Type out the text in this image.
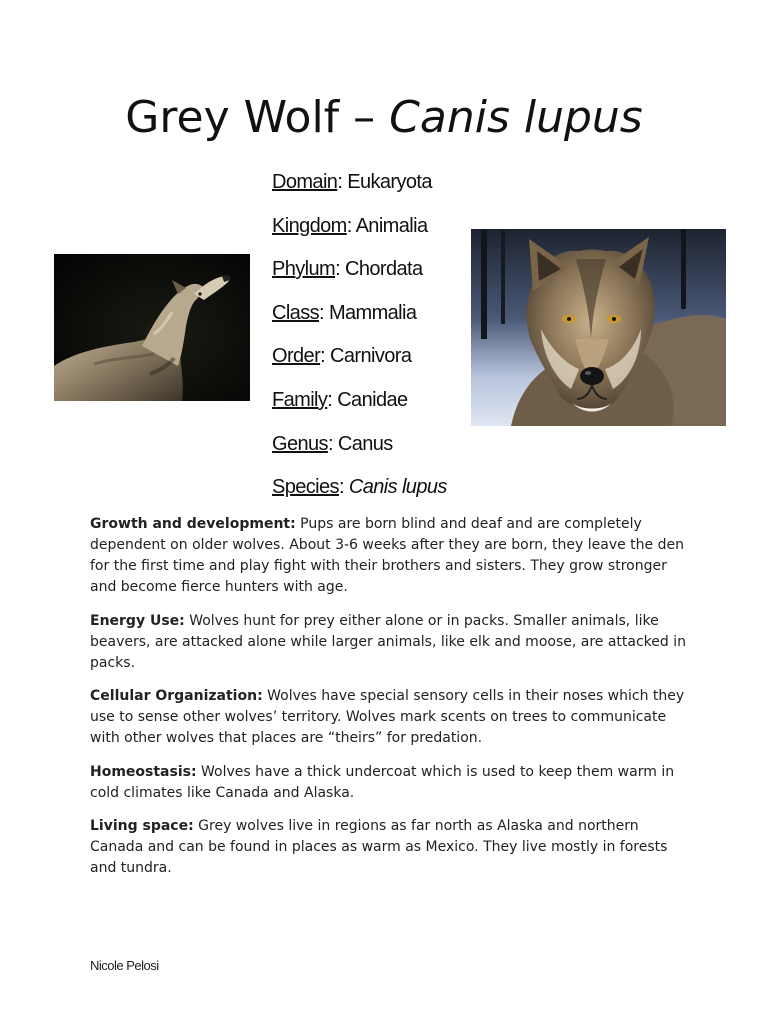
Grey Wolf – Canis lupus
Domain: Eukaryota
Kingdom: Animalia
Phylum: Chordata
Class: Mammalia
Order: Carnivora
Family: Canidae
Genus: Canus
Species: Canis lupus

Growth and development: Pups are born blind and deaf and are completely dependent on older wolves. About 3-6 weeks after they are born, they leave the den for the first time and play fight with their brothers and sisters. They grow stronger and become fierce hunters with age.

Energy Use: Wolves hunt for prey either alone or in packs. Smaller animals, like beavers, are attacked alone while larger animals, like elk and moose, are attacked in packs.

Cellular Organization: Wolves have special sensory cells in their noses which they use to sense other wolves’ territory. Wolves mark scents on trees to communicate with other wolves that places are “theirs” for predation.

Homeostasis: Wolves have a thick undercoat which is used to keep them warm in cold climates like Canada and Alaska.

Living space: Grey wolves live in regions as far north as Alaska and northern Canada and can be found in places as warm as Mexico. They live mostly in forests and tundra.

Nicole Pelosi
